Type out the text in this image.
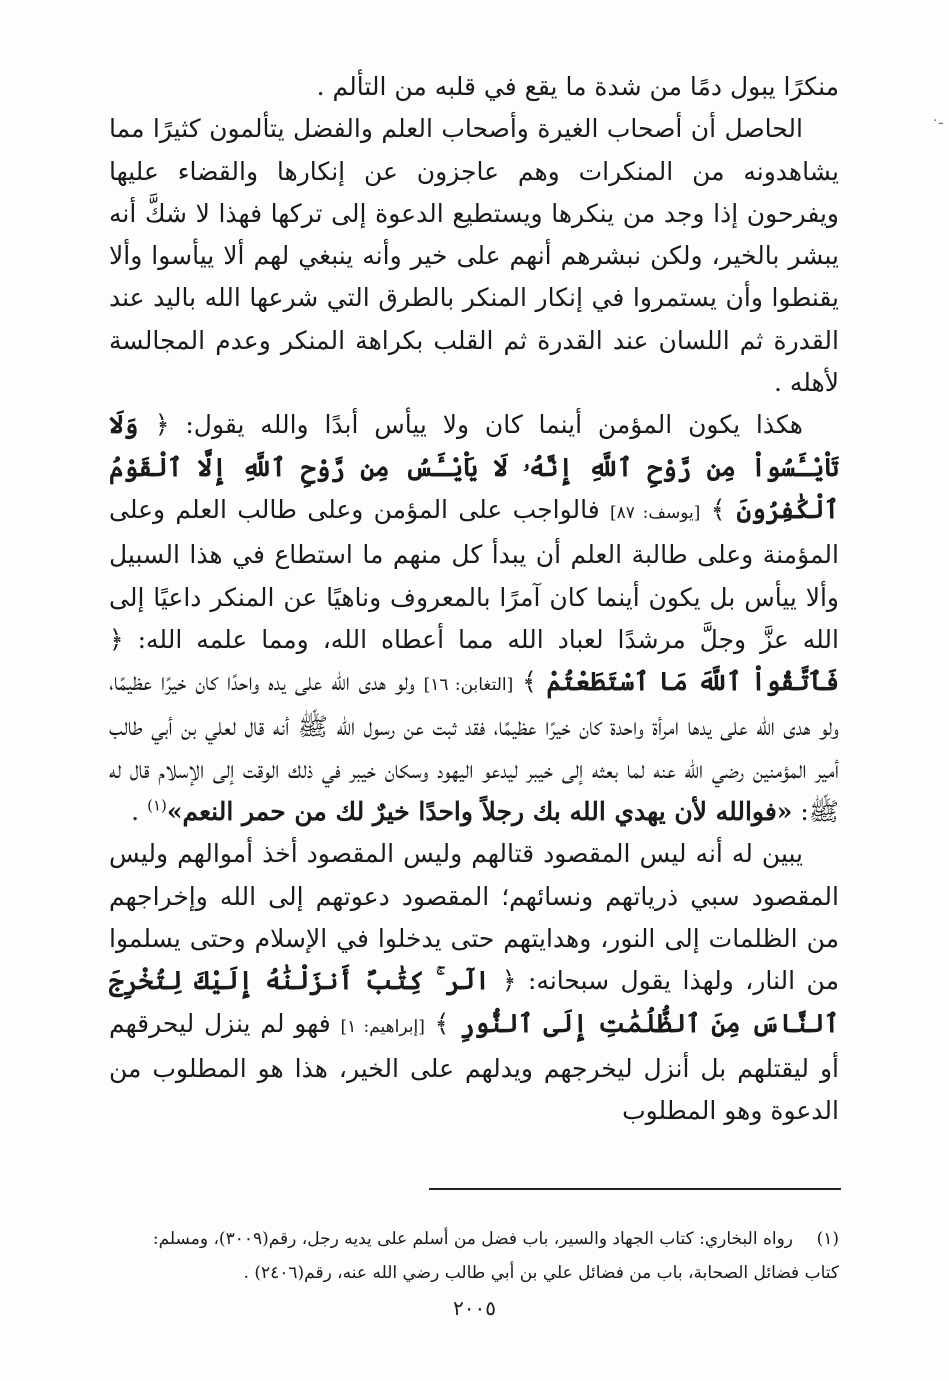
ـ٠

منكرًا يبول دمًا من شدة ما يقع في قلبه من التألم .

الحاصل أن أصحاب الغيرة وأصحاب العلم والفضل يتألمون كثيرًا مما يشاهدونه من المنكرات وهم عاجزون عن إنكارها والقضاء عليها ويفرحون إذا وجد من ينكرها ويستطيع الدعوة إلى تركها فهذا لا شكَّ أنه يبشر بالخير، ولكن نبشرهم أنهم على خير وأنه ينبغي لهم ألا ييأسوا وألا يقنطوا وأن يستمروا في إنكار المنكر بالطرق التي شرعها الله باليد عند القدرة ثم اللسان عند القدرة ثم القلب بكراهة المنكر وعدم المجالسة لأهله .

هكذا يكون المؤمن أينما كان ولا ييأس أبدًا والله يقول: ﴿ وَلَا تَاْيْـَٔسُواْ مِن رَّوْحِ ٱللَّهِ إِنَّهُۥ لَا يَاْيْـَٔسُ مِن رَّوْحِ ٱللَّهِ إِلَّا ٱلْقَوْمُ ٱلْكَٰفِرُونَ ﴾ [يوسف: ٨٧] فالواجب على المؤمن وعلى طالب العلم وعلى المؤمنة وعلى طالبة العلم أن يبدأ كل منهم ما استطاع في هذا السبيل وألا ييأس بل يكون أينما كان آمرًا بالمعروف وناهيًا عن المنكر داعيًا إلى الله عزَّ وجلَّ مرشدًا لعباد الله مما أعطاه الله، ومما علمه الله: ﴿ فَٱتَّقُواْ ٱللَّهَ مَا ٱسْتَطَعْتُمْ ﴾ [التغابن: ١٦] ولو هدى الله على يده واحدًا كان خيرًا عظيمًا، ولو هدى الله على يدها امرأة واحدة كان خيرًا عظيمًا، فقد ثبت عن رسول الله ﷺ أنه قال لعلي بن أبي طالب أمير المؤمنين رضي الله عنه لما بعثه إلى خيبر ليدعو اليهود وسكان خيبر في ذلك الوقت إلى الإسلام قال له ﷺ: «فوالله لأن يهدي الله بك رجلاً واحدًا خيرٌ لك من حمر النعم»$^{(١)}$ .

يبين له أنه ليس المقصود قتالهم وليس المقصود أخذ أموالهم وليس المقصود سبي ذرياتهم ونسائهم؛ المقصود دعوتهم إلى الله وإخراجهم من الظلمات إلى النور، وهدايتهم حتى يدخلوا في الإسلام وحتى يسلموا من النار، ولهذا يقول سبحانه: ﴿ الٓر ۚ كِتَٰبٌ أَنزَلْنَٰهُ إِلَيْكَ لِتُخْرِجَ ٱلنَّاسَ مِنَ ٱلظُّلُمَٰتِ إِلَى ٱلنُّورِ ﴾ [إبراهيم: ١] فهو لم ينزل ليحرقهم أو ليقتلهم بل أنزل ليخرجهم ويدلهم على الخير، هذا هو المطلوب من الدعوة وهو المطلوب

(١)رواه البخاري: كتاب الجهاد والسير، باب فضل من أسلم على يديه رجل، رقم(٣٠٠٩)، ومسلم:

كتاب فضائل الصحابة، باب من فضائل علي بن أبي طالب رضي الله عنه، رقم(٢٤٠٦) .

٢٠٠٥
